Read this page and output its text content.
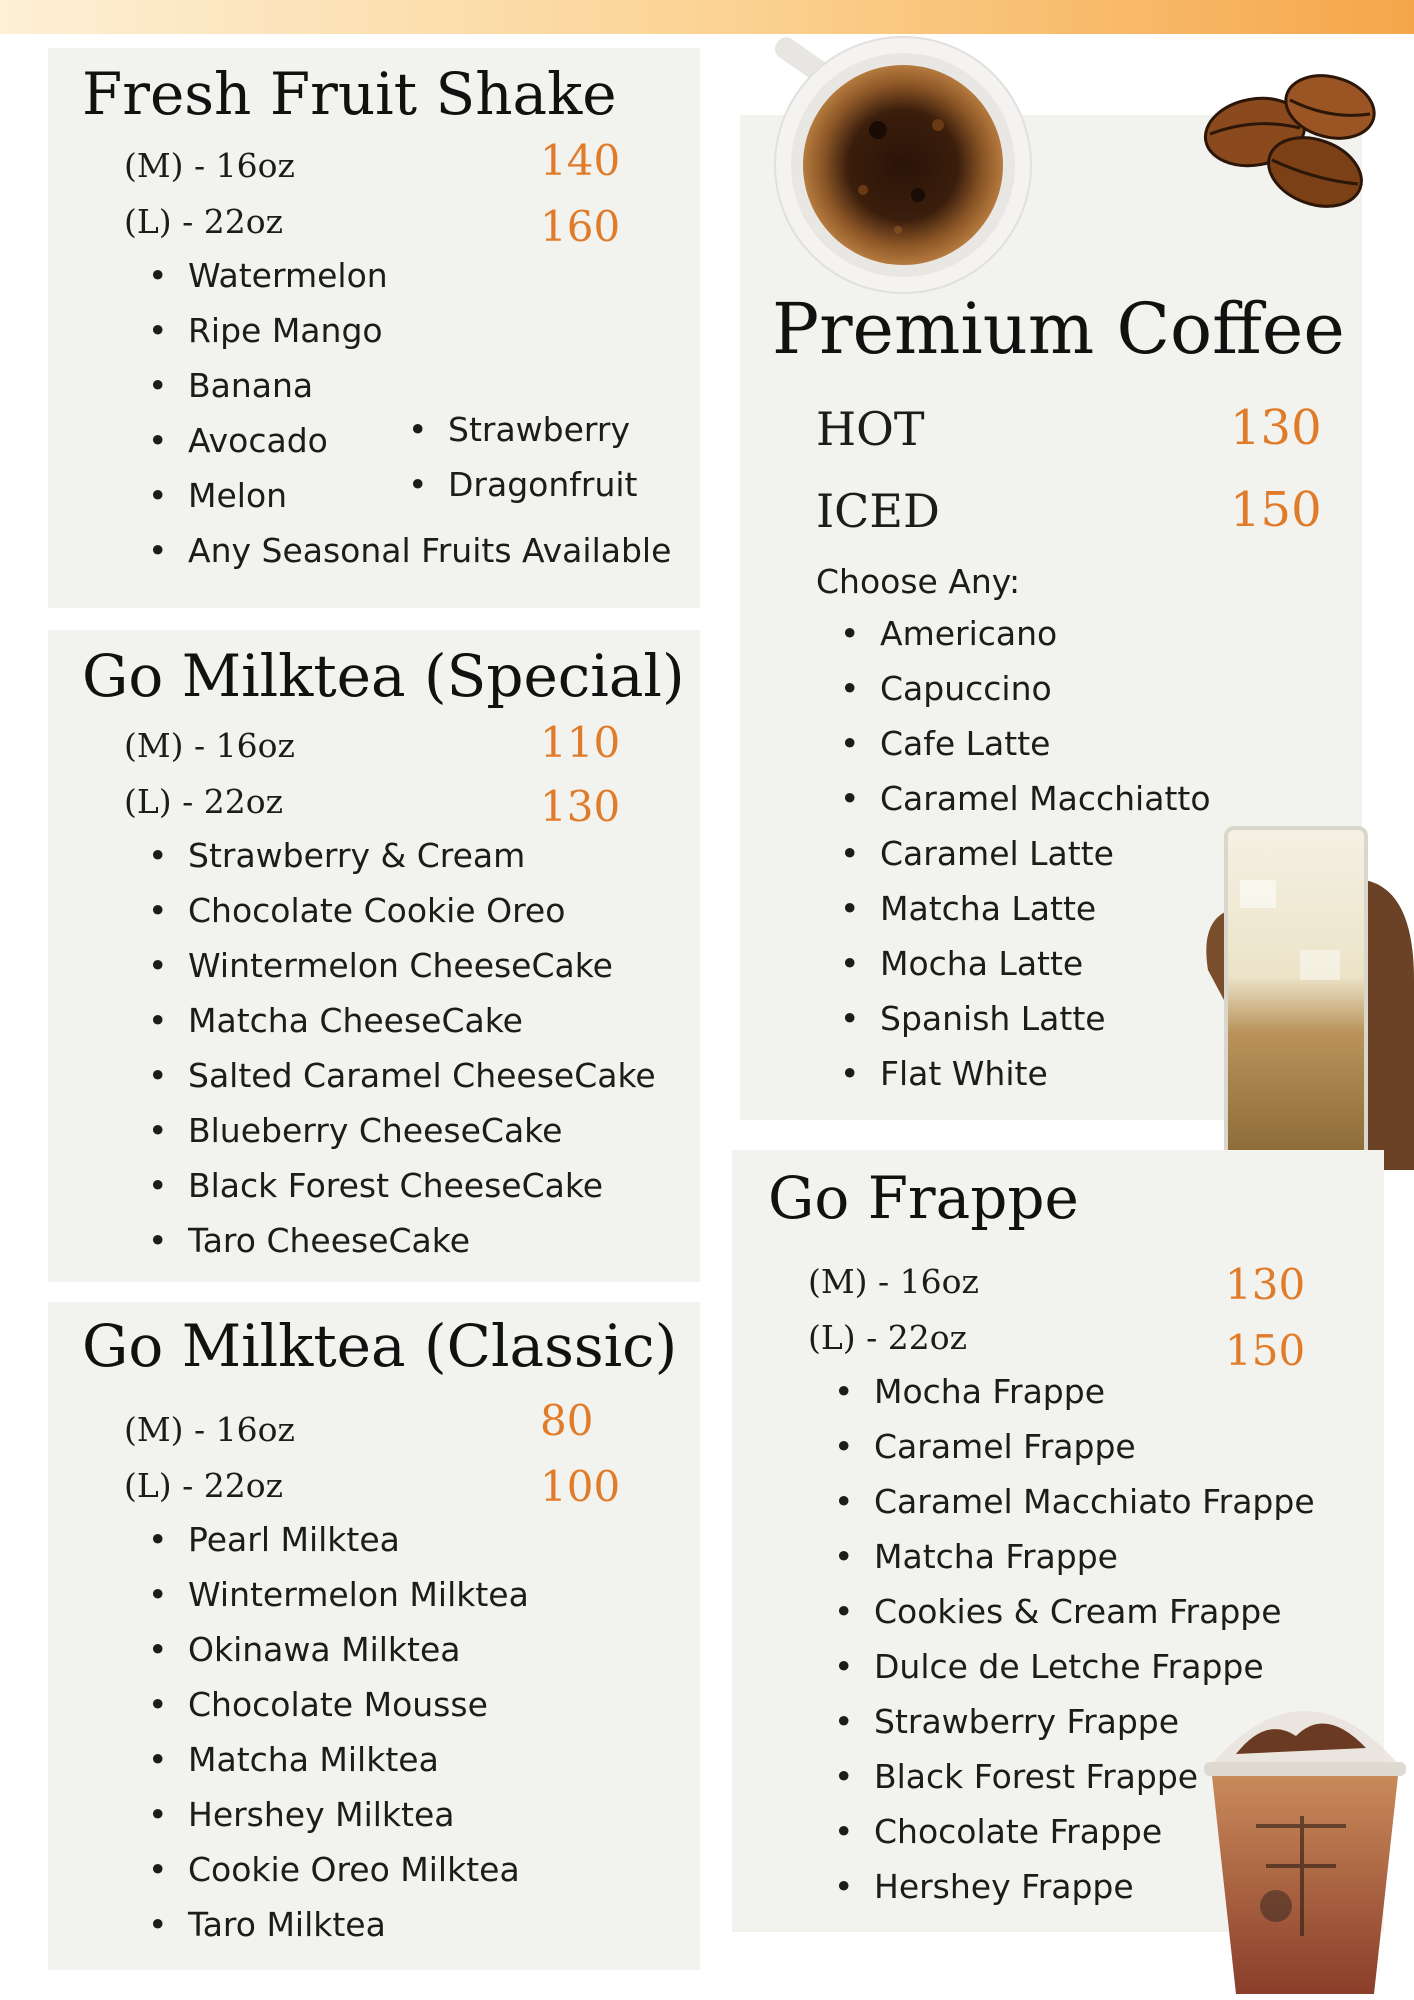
Fresh Fruit Shake
(M) - 16oz	140
(L) - 22oz	160
• Watermelon
• Ripe Mango
• Banana
• Avocado
• Melon
• Any Seasonal Fruits Available
• Strawberry
• Dragonfruit
Go Milktea (Special)
(M) - 16oz	110
(L) - 22oz	130
• Strawberry & Cream
• Chocolate Cookie Oreo
• Wintermelon CheeseCake
• Matcha CheeseCake
• Salted Caramel CheeseCake
• Blueberry CheeseCake
• Black Forest CheeseCake
• Taro CheeseCake
Go Milktea (Classic)
(M) - 16oz	80
(L) - 22oz	100
• Pearl Milktea
• Wintermelon Milktea
• Okinawa Milktea
• Chocolate Mousse
• Matcha Milktea
• Hershey Milktea
• Cookie Oreo Milktea
• Taro Milktea
Premium Coffee
HOT	130
ICED	150
Choose Any:
• Americano
• Capuccino
• Cafe Latte
• Caramel Macchiatto
• Caramel Latte
• Matcha Latte
• Mocha Latte
• Spanish Latte
• Flat White
Go Frappe
(M) - 16oz	130
(L) - 22oz	150
• Mocha Frappe
• Caramel Frappe
• Caramel Macchiato Frappe
• Matcha Frappe
• Cookies & Cream Frappe
• Dulce de Letche Frappe
• Strawberry Frappe
• Black Forest Frappe
• Chocolate Frappe
• Hershey Frappe
